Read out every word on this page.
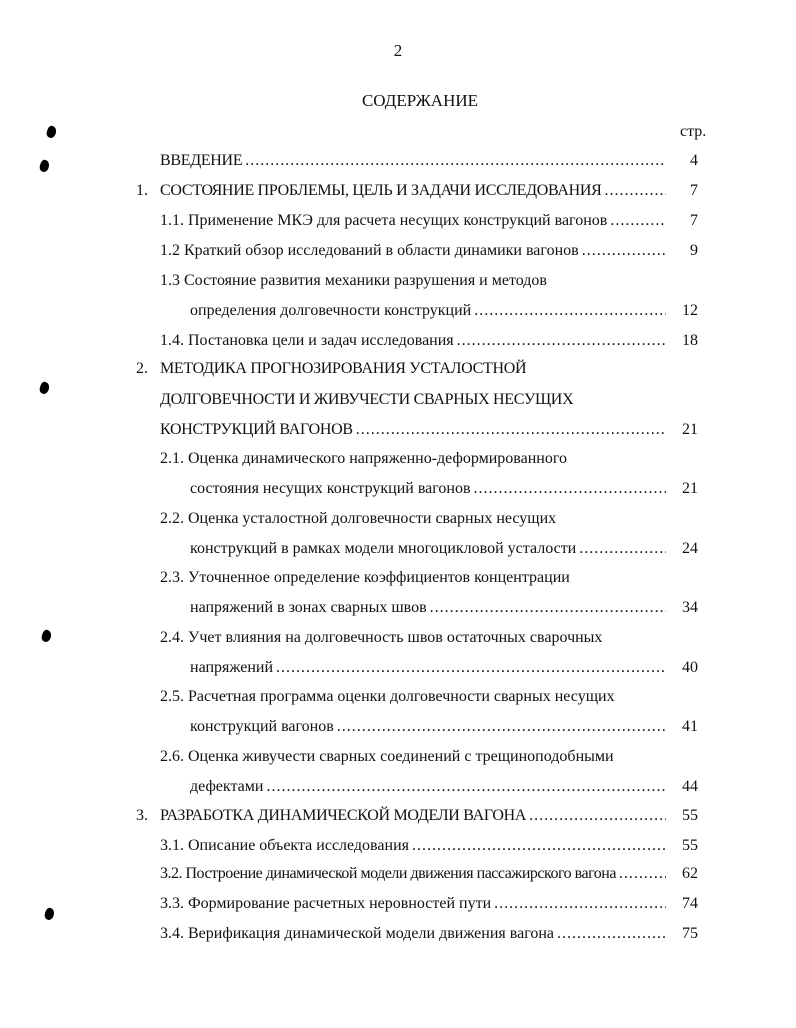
2
СОДЕРЖАНИЕ
стр.
ВВЕДЕНИЕ .....	4
1. СОСТОЯНИЕ ПРОБЛЕМЫ, ЦЕЛЬ И ЗАДАЧИ ИССЛЕДОВАНИЯ .....	7
1.1. Применение МКЭ для расчета несущих конструкций вагонов .....	7
1.2 Краткий обзор исследований в области динамики вагонов .....	9
1.3 Состояние развития механики разрушения и методов
определения долговечности конструкций .....	12
1.4. Постановка цели и задач исследования .....	18
2. МЕТОДИКА ПРОГНОЗИРОВАНИЯ УСТАЛОСТНОЙ
ДОЛГОВЕЧНОСТИ И ЖИВУЧЕСТИ СВАРНЫХ НЕСУЩИХ
КОНСТРУКЦИЙ ВАГОНОВ .....	21
2.1. Оценка динамического напряженно-деформированного
состояния несущих конструкций вагонов .....	21
2.2. Оценка усталостной долговечности сварных несущих
конструкций в рамках модели многоцикловой усталости .....	24
2.3. Уточненное определение коэффициентов концентрации
напряжений в зонах сварных швов .....	34
2.4. Учет влияния на долговечность швов остаточных сварочных
напряжений .....	40
2.5. Расчетная программа оценки долговечности сварных несущих
конструкций вагонов .....	41
2.6. Оценка живучести сварных соединений с трещиноподобными
дефектами .....	44
3. РАЗРАБОТКА ДИНАМИЧЕСКОЙ МОДЕЛИ ВАГОНА .....	55
3.1. Описание объекта исследования .....	55
3.2. Построение динамической модели движения пассажирского вагона .....	62
3.3. Формирование расчетных неровностей пути .....	74
3.4. Верификация динамической модели движения вагона .....	75
